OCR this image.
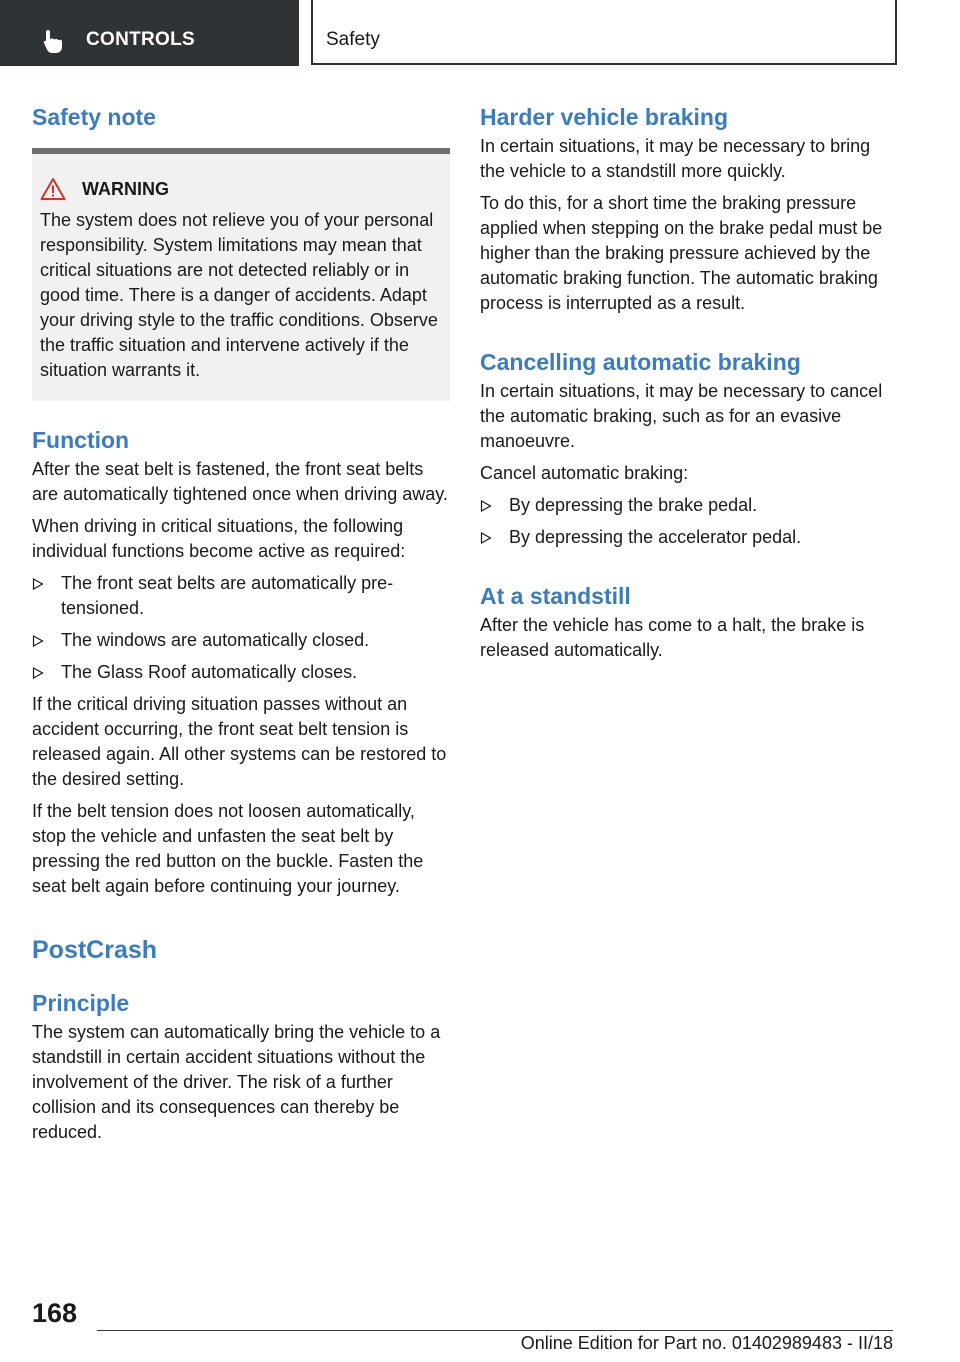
CONTROLS	Safety
Safety note
WARNING

The system does not relieve you of your personal responsibility. System limitations may mean that critical situations are not detected reliably or in good time. There is a danger of accidents. Adapt your driving style to the traffic conditions. Observe the traffic situation and intervene actively if the situation warrants it.

Function

After the seat belt is fastened, the front seat belts are automatically tightened once when driving away.

When driving in critical situations, the following individual functions become active as required:

The front seat belts are automatically pretensioned.
The windows are automatically closed.
The Glass Roof automatically closes.

If the critical driving situation passes without an accident occurring, the front seat belt tension is released again. All other systems can be restored to the desired setting.

If the belt tension does not loosen automatically, stop the vehicle and unfasten the seat belt by pressing the red button on the buckle. Fasten the seat belt again before continuing your journey.

PostCrash
Principle

The system can automatically bring the vehicle to a standstill in certain accident situations without the involvement of the driver. The risk of a further collision and its consequences can thereby be reduced.

Harder vehicle braking

In certain situations, it may be necessary to bring the vehicle to a standstill more quickly.

To do this, for a short time the braking pressure applied when stepping on the brake pedal must be higher than the braking pressure achieved by the automatic braking function. The automatic braking process is interrupted as a result.

Cancelling automatic braking

In certain situations, it may be necessary to cancel the automatic braking, such as for an evasive manoeuvre.

Cancel automatic braking:

By depressing the brake pedal.
By depressing the accelerator pedal.
At a standstill

After the vehicle has come to a halt, the brake is released automatically.

168
Online Edition for Part no. 01402989483 - II/18
